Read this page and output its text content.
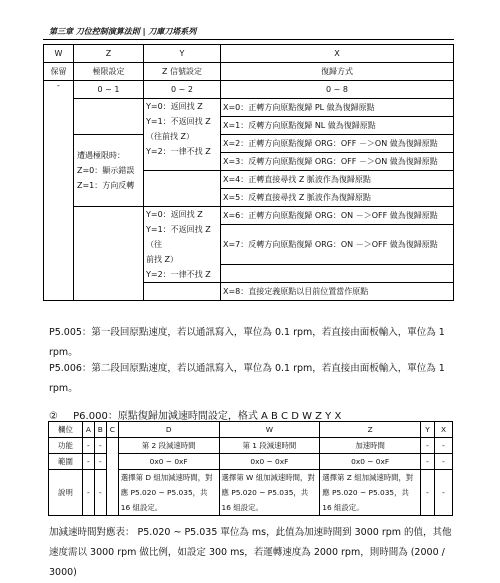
第三章 刀位控制演算法則 | 刀庫刀塔系列
W	Z	Y	X
保留	極限設定	Z 信號設定	復歸方式
-	0 ~ 1	0 ~ 2	0 ~ 8

		Y=0：返回找 Z
Y=1：不返回找 Z
（往前找 Z）
Y=2：一律不找 Z	X=0：正轉方向原點復歸 PL 做為復歸原點
			X=1：反轉方向原點復歸 NL 做為復歸原點

	遭遇極限時：
Z=0：顯示錯誤
Z=1：方向反轉		X=2：正轉方向原點復歸 ORG：OFF －＞ON 做為復歸原點
			X=3：反轉方向原點復歸 ORG：OFF －＞ON 做為復歸原點
			X=4：正轉直接尋找 Z 脈波作為復歸原點
			X=5：反轉直接尋找 Z 脈波作為復歸原點

		Y=0：返回找 Z
Y=1：不返回找 Z（往
前找 Z）
Y=2：一律不找 Z	X=6：正轉方向原點復歸 ORG：ON －＞OFF 做為復歸原點
			X=7：反轉方向原點復歸 ORG：ON －＞OFF 做為復歸原點

			X=8：直接定義原點以目前位置當作原點
P5.005：第一段回原點速度，若以通訊寫入，單位為 0.1 rpm，若直接由面板輸入，單位為 1 rpm。
P5.006：第二段回原點速度，若以通訊寫入，單位為 0.1 rpm，若直接由面板輸入，單位為 1 rpm。
② P6.000：原點復歸加減速時間設定，格式 A B C D W Z Y X
欄位	A	B	C	D	W	Z	Y	X
功能	-	-		第 2 段減速時間	第 1 段減速時間	加速時間	-	-
範圍	-	-		0x0 ~ 0xF	0x0 ~ 0xF	0x0 ~ 0xF	-	-
說明	-	-		選擇第 D 組加減速時間，對應 P5.020 ~ P5.035，共 16 組設定。	選擇第 W 組加減速時間，對應 P5.020 ~ P5.035，共 16 組設定。	選擇第 Z 組加減速時間，對應 P5.020 ~ P5.035，共 16 組設定。	-	-
加減速時間對應表： P5.020 ~ P5.035 單位為 ms，此值為加速時間到 3000 rpm 的值，其他速度需以 3000 rpm 做比例，如設定 300 ms，若運轉速度為 2000 rpm，則時間為 (2000 / 3000)
